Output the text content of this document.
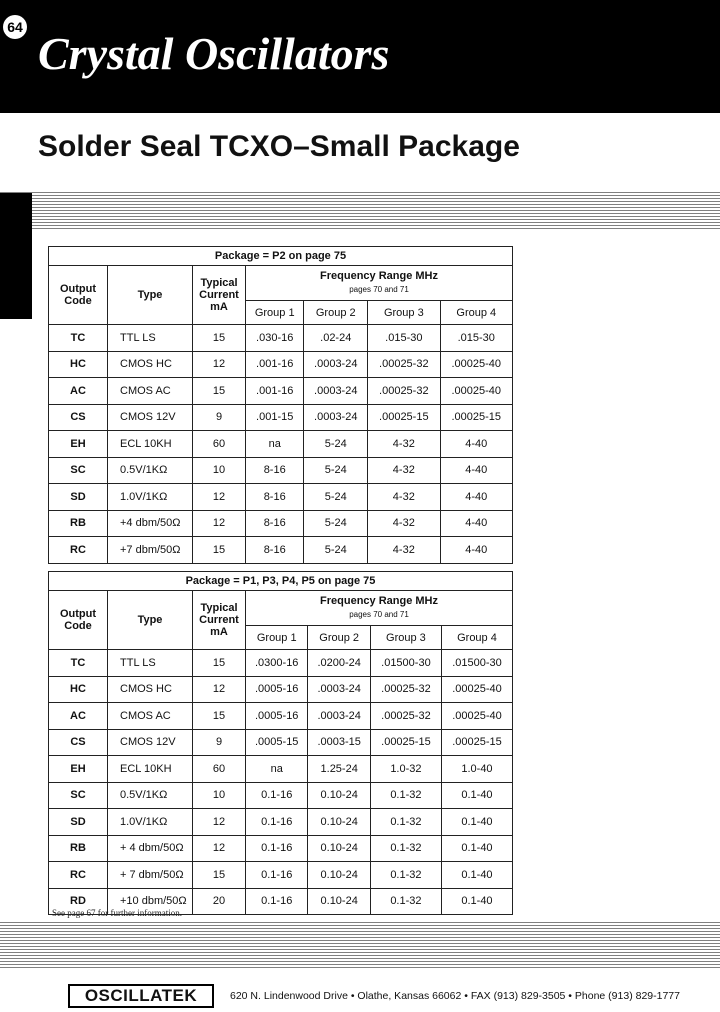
64
Crystal Oscillators
Solder Seal TCXO–Small Package
Package = P2 on page 75						
Output Code	Type	Typical Current mA	Frequency Range MHz
pages 70 and 71			

			Group 1	Group 2	Group 3	Group 4
TC	TTL LS	15	.030-16	.02-24	.015-30	.015-30
HC	CMOS HC	12	.001-16	.0003-24	.00025-32	.00025-40
AC	CMOS AC	15	.001-16	.0003-24	.00025-32	.00025-40
CS	CMOS 12V	9	.001-15	.0003-24	.00025-15	.00025-15
EH	ECL 10KH	60	na	5-24	4-32	4-40
SC	0.5V/1KΩ	10	8-16	5-24	4-32	4-40
SD	1.0V/1KΩ	12	8-16	5-24	4-32	4-40
RB	+4 dbm/50Ω	12	8-16	5-24	4-32	4-40
RC	+7 dbm/50Ω	15	8-16	5-24	4-32	4-40
Package = P1, P3, P4, P5 on page 75						
Output Code	Type	Typical Current mA	Frequency Range MHz
pages 70 and 71			

			Group 1	Group 2	Group 3	Group 4
TC	TTL LS	15	.0300-16	.0200-24	.01500-30	.01500-30
HC	CMOS HC	12	.0005-16	.0003-24	.00025-32	.00025-40
AC	CMOS AC	15	.0005-16	.0003-24	.00025-32	.00025-40
CS	CMOS 12V	9	.0005-15	.0003-15	.00025-15	.00025-15
EH	ECL 10KH	60	na	1.25-24	1.0-32	1.0-40
SC	0.5V/1KΩ	10	0.1-16	0.10-24	0.1-32	0.1-40
SD	1.0V/1KΩ	12	0.1-16	0.10-24	0.1-32	0.1-40
RB	+ 4 dbm/50Ω	12	0.1-16	0.10-24	0.1-32	0.1-40
RC	+ 7 dbm/50Ω	15	0.1-16	0.10-24	0.1-32	0.1-40
RD	+10 dbm/50Ω	20	0.1-16	0.10-24	0.1-32	0.1-40
See page 67 for further information.
OSCILLATEK	620 N. Lindenwood Drive • Olathe, Kansas 66062 • FAX (913) 829-3505 • Phone (913) 829-1777
